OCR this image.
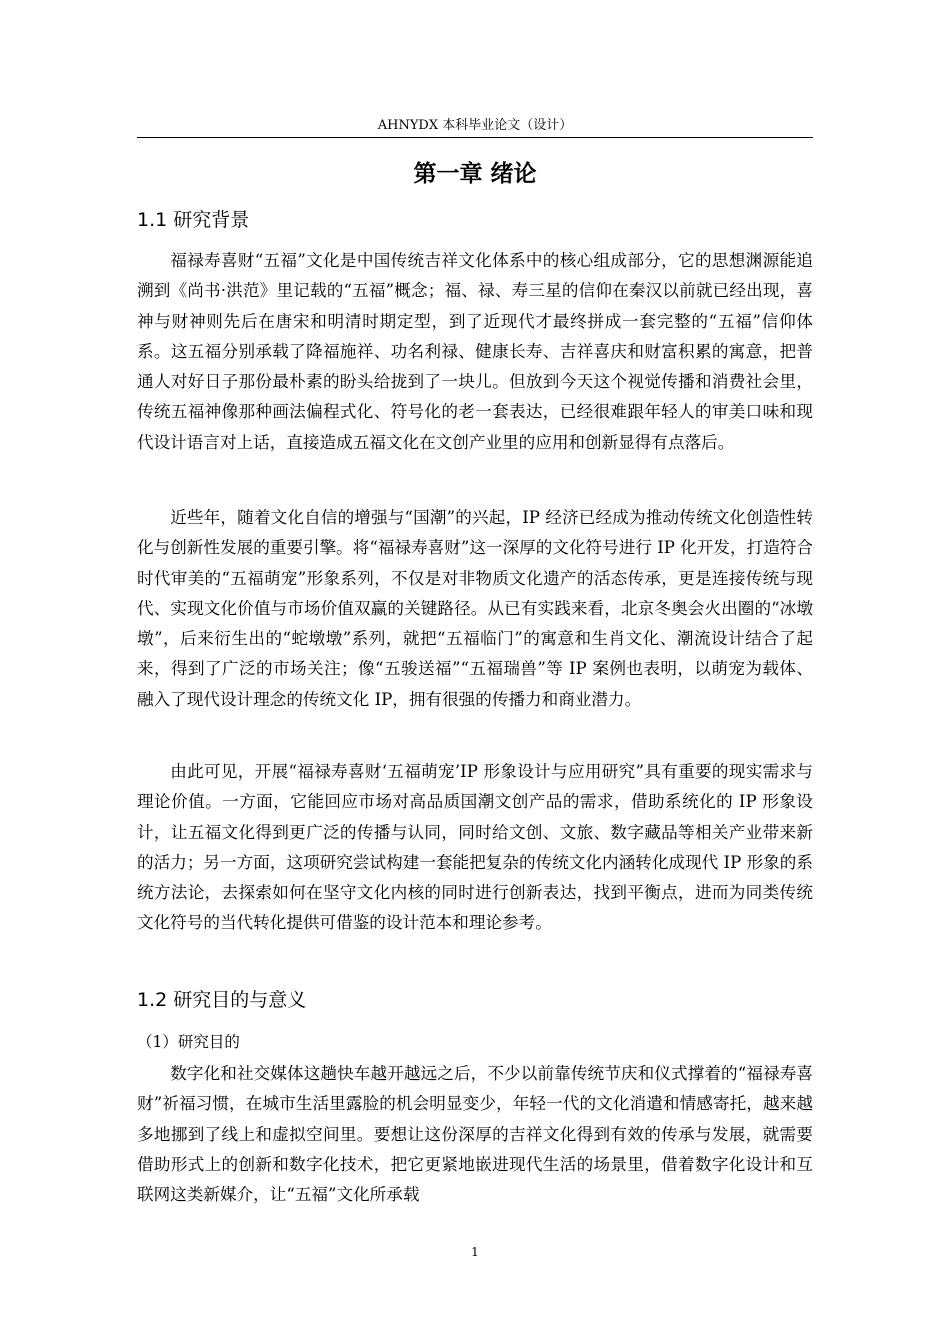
AHNYDX 本科毕业论文（设计）
第一章 绪论
1.1 研究背景

福禄寿喜财“五福”文化是中国传统吉祥文化体系中的核心组成部分，它的思想渊源能追溯到《尚书·洪范》里记载的“五福”概念；福、禄、寿三星的信仰在秦汉以前就已经出现，喜神与财神则先后在唐宋和明清时期定型，到了近现代才最终拼成一套完整的“五福”信仰体系。这五福分别承载了降福施祥、功名利禄、健康长寿、吉祥喜庆和财富积累的寓意，把普通人对好日子那份最朴素的盼头给拢到了一块儿。但放到今天这个视觉传播和消费社会里，传统五福神像那种画法偏程式化、符号化的老一套表达，已经很难跟年轻人的审美口味和现代设计语言对上话，直接造成五福文化在文创产业里的应用和创新显得有点落后。

近些年，随着文化自信的增强与“国潮”的兴起，IP 经济已经成为推动传统文化创造性转化与创新性发展的重要引擎。将“福禄寿喜财”这一深厚的文化符号进行 IP 化开发，打造符合时代审美的“五福萌宠”形象系列，不仅是对非物质文化遗产的活态传承，更是连接传统与现代、实现文化价值与市场价值双赢的关键路径。从已有实践来看，北京冬奥会火出圈的“冰墩墩”，后来衍生出的“蛇墩墩”系列，就把“五福临门”的寓意和生肖文化、潮流设计结合了起来，得到了广泛的市场关注；像“五骏送福”“五福瑞兽”等 IP 案例也表明，以萌宠为载体、融入了现代设计理念的传统文化 IP，拥有很强的传播力和商业潜力。

由此可见，开展“福禄寿喜财‘五福萌宠’IP 形象设计与应用研究”具有重要的现实需求与理论价值。一方面，它能回应市场对高品质国潮文创产品的需求，借助系统化的 IP 形象设计，让五福文化得到更广泛的传播与认同，同时给文创、文旅、数字藏品等相关产业带来新的活力；另一方面，这项研究尝试构建一套能把复杂的传统文化内涵转化成现代 IP 形象的系统方法论，去探索如何在坚守文化内核的同时进行创新表达，找到平衡点，进而为同类传统文化符号的当代转化提供可借鉴的设计范本和理论参考。

1.2 研究目的与意义
（1）研究目的

数字化和社交媒体这趟快车越开越远之后，不少以前靠传统节庆和仪式撑着的“福禄寿喜财”祈福习惯，在城市生活里露脸的机会明显变少，年轻一代的文化消遣和情感寄托，越来越多地挪到了线上和虚拟空间里。要想让这份深厚的吉祥文化得到有效的传承与发展，就需要借助形式上的创新和数字化技术，把它更紧地嵌进现代生活的场景里，借着数字化设计和互联网这类新媒介，让“五福”文化所承载

1
